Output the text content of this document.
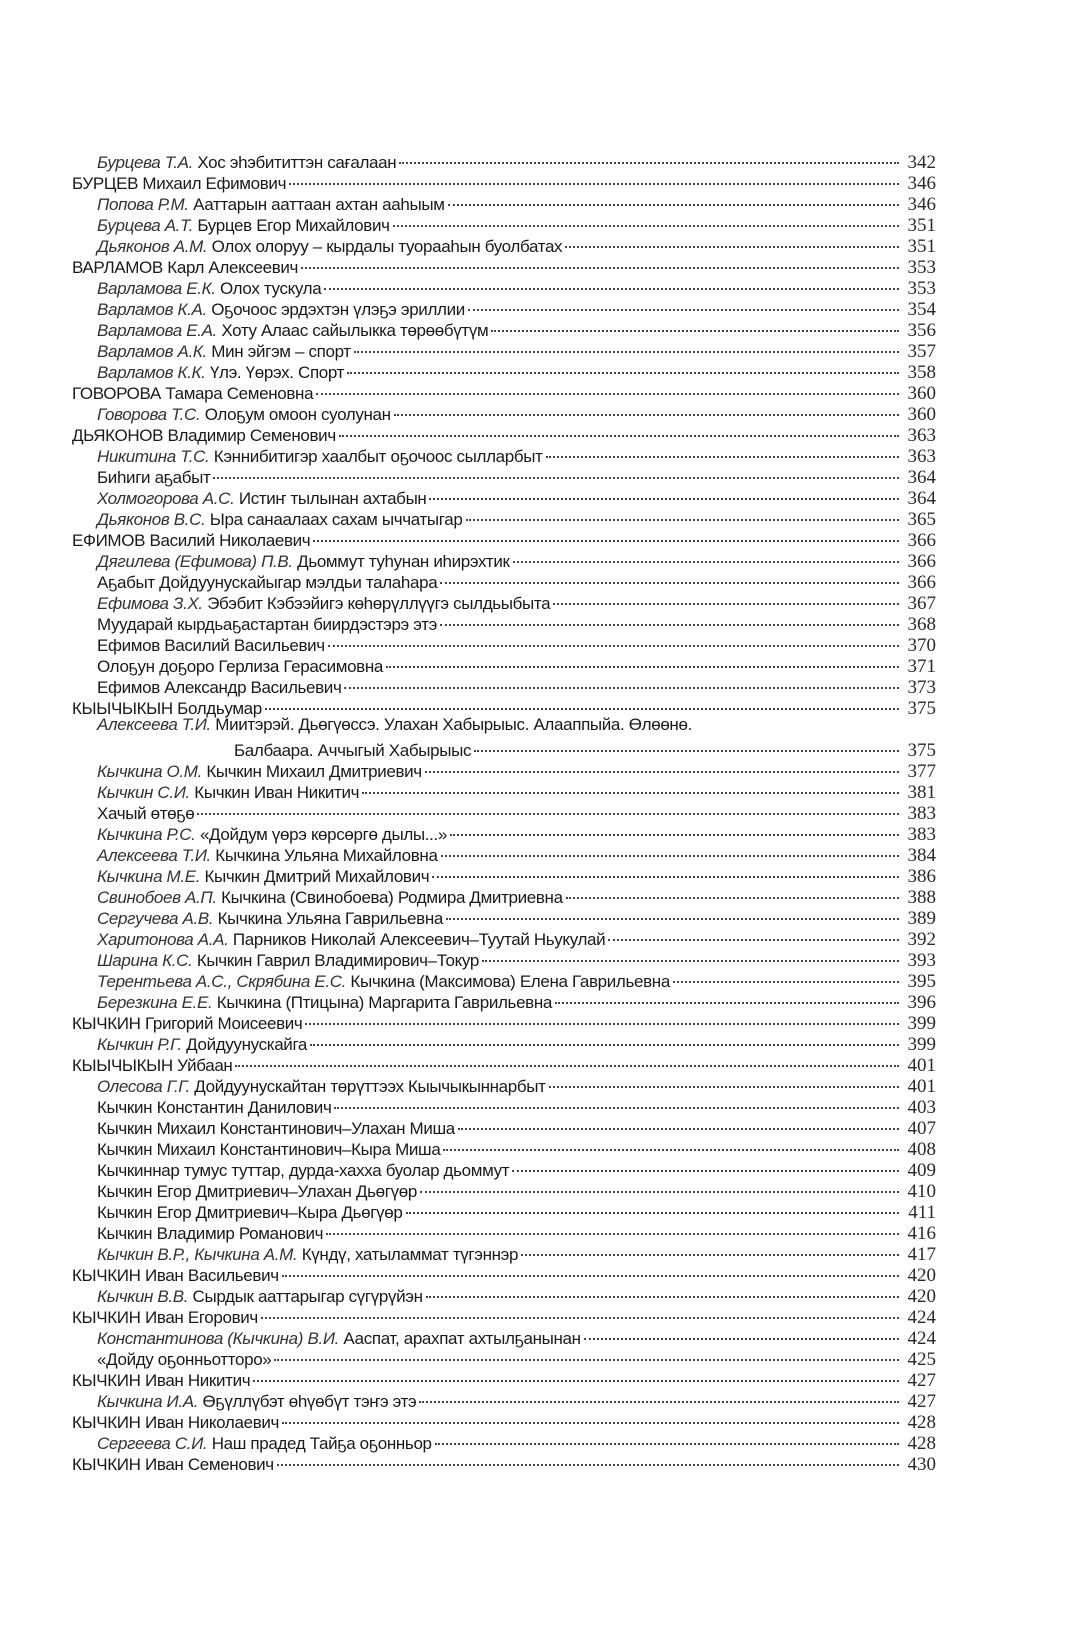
Бурцева Т.А. Хос эhэбититтэн сағалаан	342
БУРЦЕВ Михаил Ефимович	346
Попова Р.М. Ааттарын ааттаан ахтан ааhыым	346
Бурцева А.Т. Бурцев Егор Михайлович	351
Дьяконов А.М. Олох олоруу – кырдалы туорааhын буолбатах	351
ВАРЛАМОВ Карл Алексеевич	353
Варламова Е.К. Олох тускула	353
Варламов К.А. Оҕочоос эрдэхтэн үлэҕэ эриллии	354
Варламова Е.А. Хоту Алаас сайылыкка төрөөбүтүм	356
Варламов А.К. Мин эйгэм – спорт	357
Варламов К.К. Үлэ. Үөрэх. Спорт	358
ГОВОРОВА Тамара Семеновна	360
Говорова Т.С. Олоҕум омоон суолунан	360
ДЬЯКОНОВ Владимир Семенович	363
Никитина Т.С. Кэннибитигэр хаалбыт оҕочоос сылларбыт	363
Биhиги аҕабыт	364
Холмогорова А.С. Истиҥ тылынан ахтабын	364
Дьяконов В.С. Ыра санаалаах сахам ыччатыгар	365
ЕФИМОВ Василий Николаевич	366
Дягилева (Ефимова) П.В. Дьоммут туhунан иhирэхтик	366
Аҕабыт Дойдуунускайыгар мэлдьи талаhара	366
Ефимова З.Х. Эбэбит Кэбээйигэ көhөрүллүүгэ сылдьыбыта	367
Муударай кырдьаҕастартан биирдэстэрэ этэ	368
Ефимов Василий Васильевич	370
Олоҕун доҕоро Герлиза Герасимовна	371
Ефимов Александр Васильевич	373
КЫЫЧЫКЫН Болдьумар	375
Алексеева Т.И. Миитэрэй. Дьөгүөссэ. Улахан Хабырыыс. Алааппыйа. Өлөөнө.
Балбаара. Аччыгый Хабырыыс	375
Кычкина О.М. Кычкин Михаил Дмитриевич	377
Кычкин С.И. Кычкин Иван Никитич	381
Хачый өтөҕө	383
Кычкина Р.С. «Дойдум үөрэ көрсөргө дылы...»	383
Алексеева Т.И. Кычкина Ульяна Михайловна	384
Кычкина М.Е. Кычкин Дмитрий Михайлович	386
Свинобоев А.П. Кычкина (Свинобоева) Родмира Дмитриевна	388
Сергучева А.В. Кычкина Ульяна Гаврильевна	389
Харитонова А.А. Парников Николай Алексеевич–Туутай Ньукулай	392
Шарина К.С. Кычкин Гаврил Владимирович–Токур	393
Терентьева А.С., Скрябина Е.С. Кычкина (Максимова) Елена Гаврильевна	395
Березкина Е.Е. Кычкина (Птицына) Маргарита Гаврильевна	396
КЫЧКИН Григорий Моисеевич	399
Кычкин Р.Г. Дойдуунускайга	399
КЫЫЧЫКЫН Уйбаан	401
Олесова Г.Г. Дойдуунускайтан төрүттээх Кыычыкыннарбыт	401
Кычкин Константин Данилович	403
Кычкин Михаил Константинович–Улахан Миша	407
Кычкин Михаил Константинович–Кыра Миша	408
Кычкиннар тумус туттар, дурда-хахха буолар дьоммут	409
Кычкин Егор Дмитриевич–Улахан Дьөгүөр	410
Кычкин Егор Дмитриевич–Кыра Дьөгүөр	411
Кычкин Владимир Романович	416
Кычкин В.Р., Кычкина А.М. Күндү, хатыламмат түгэннэр	417
КЫЧКИН Иван Васильевич	420
Кычкин В.В. Сырдык ааттарыгар сүгүрүйэн	420
КЫЧКИН Иван Егорович	424
Константинова (Кычкина) В.И. Ааспат, арахпат ахтылҕанынан	424
«Дойду оҕонньотторо»	425
КЫЧКИН Иван Никитич	427
Кычкина И.А. Өҕүллүбэт өhүөбүт тэҥэ этэ	427
КЫЧКИН Иван Николаевич	428
Сергеева С.И. Наш прадед Тайҕа оҕонньор	428
КЫЧКИН Иван Семенович	430
